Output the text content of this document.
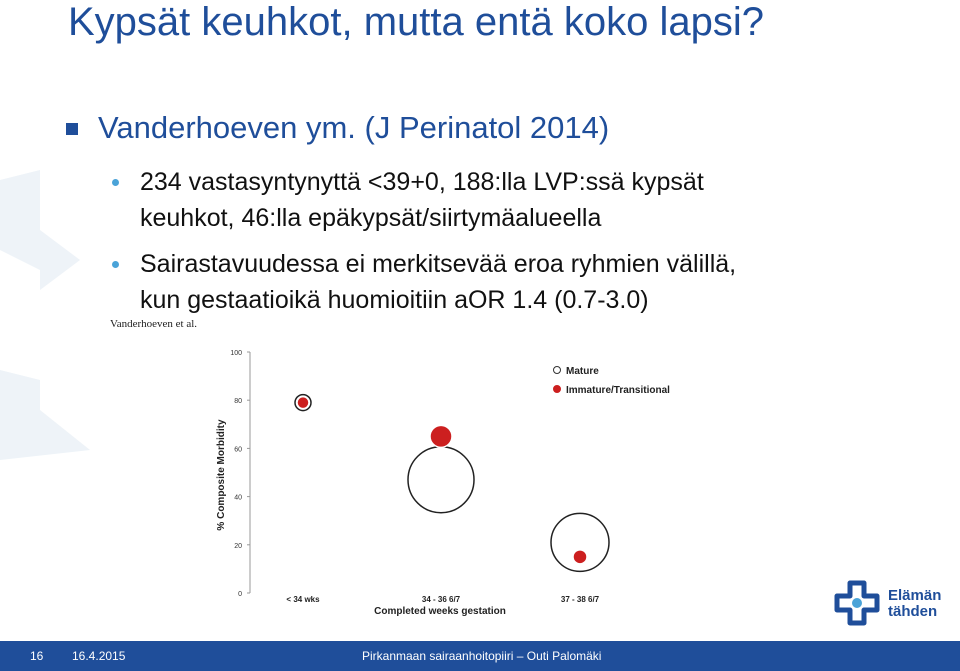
Kypsät keuhkot, mutta entä koko lapsi?
Vanderhoeven ym. (J Perinatol 2014)
234 vastasyntynyttä <39+0, 188:lla LVP:ssä kypsät
keuhkot, 46:lla epäkypsät/siirtymäalueella
Sairastavuudessa ei merkitsevää eroa ryhmien välillä,
kun gestaatioikä huomioitiin aOR 1.4 (0.7-3.0)
Vanderhoeven et al.
0
20
40
60
80
100
< 34 wks	34 - 36 6/7	37 - 38 6/7
Mature
Immature/Transitional
% Composite Morbidity
Completed weeks gestation
Elämän
tähden
16 16.4.2015	Pirkanmaan sairaanhoitopiiri – Outi Palomäki
